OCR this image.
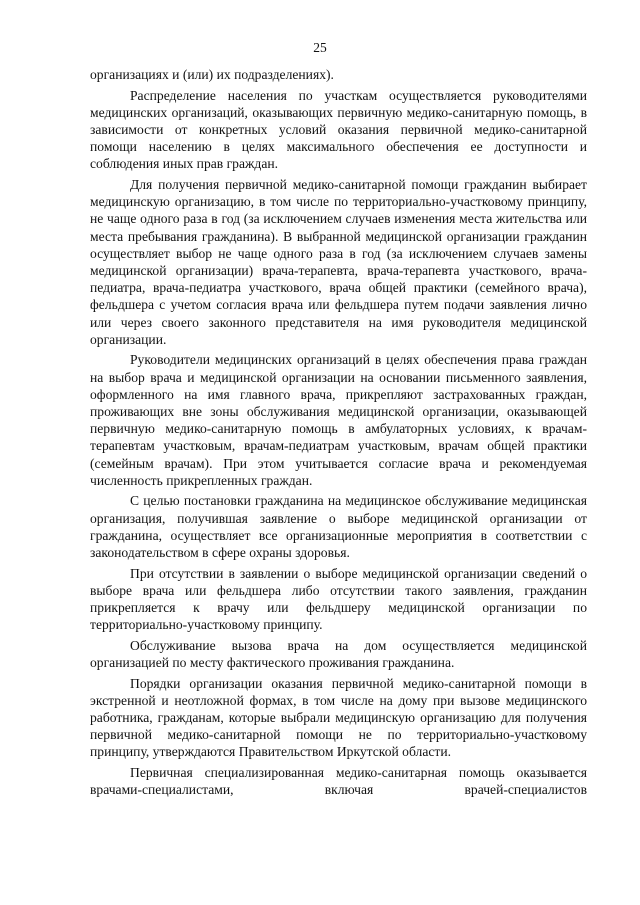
25

организациях и (или) их подразделениях).

Распределение населения по участкам осуществляется руководителями медицинских организаций, оказывающих первичную медико-санитарную помощь, в зависимости от конкретных условий оказания первичной медико-санитарной помощи населению в целях максимального обеспечения ее доступности и соблюдения иных прав граждан.

Для получения первичной медико-санитарной помощи гражданин выбирает медицинскую организацию, в том числе по территориально-участковому принципу, не чаще одного раза в год (за исключением случаев изменения места жительства или места пребывания гражданина). В выбранной медицинской организации гражданин осуществляет выбор не чаще одного раза в год (за исключением случаев замены медицинской организации) врача-терапевта, врача-терапевта участкового, врача-педиатра, врача-педиатра участкового, врача общей практики (семейного врача), фельдшера с учетом согласия врача или фельдшера путем подачи заявления лично или через своего законного представителя на имя руководителя медицинской организации.

Руководители медицинских организаций в целях обеспечения права граждан на выбор врача и медицинской организации на основании письменного заявления, оформленного на имя главного врача, прикрепляют застрахованных граждан, проживающих вне зоны обслуживания медицинской организации, оказывающей первичную медико-санитарную помощь в амбулаторных условиях, к врачам-терапевтам участковым, врачам-педиатрам участковым, врачам общей практики (семейным врачам). При этом учитывается согласие врача и рекомендуемая численность прикрепленных граждан.

С целью постановки гражданина на медицинское обслуживание медицинская организация, получившая заявление о выборе медицинской организации от гражданина, осуществляет все организационные мероприятия в соответствии с законодательством в сфере охраны здоровья.

При отсутствии в заявлении о выборе медицинской организации сведений о выборе врача или фельдшера либо отсутствии такого заявления, гражданин прикрепляется к врачу или фельдшеру медицинской организации по территориально-участковому принципу.

Обслуживание вызова врача на дом осуществляется медицинской организацией по месту фактического проживания гражданина.

Порядки организации оказания первичной медико-санитарной помощи в экстренной и неотложной формах, в том числе на дому при вызове медицинского работника, гражданам, которые выбрали медицинскую организацию для получения первичной медико-санитарной помощи не по территориально-участковому принципу, утверждаются Правительством Иркутской области.

Первичная специализированная медико-санитарная помощь оказывается врачами-специалистами, включая врачей-специалистов
